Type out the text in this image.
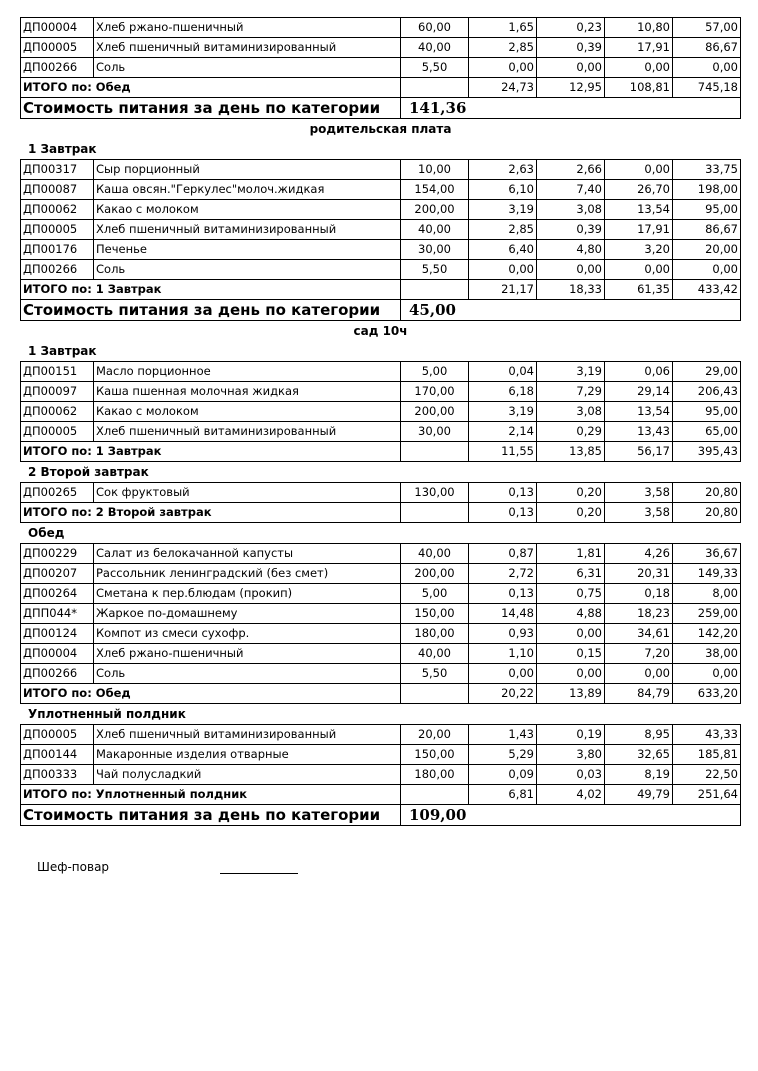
ДП00004	Хлеб ржано-пшеничный	60,00	1,65	0,23	10,80	57,00
ДП00005	Хлеб пшеничный витаминизированный	40,00	2,85	0,39	17,91	86,67
ДП00266	Соль	5,50	0,00	0,00	0,00	0,00
ИТОГО по: Обед			24,73	12,95	108,81	745,18
Стоимость питания за день по категории		141,36				
родительская плата
1 Завтрак
ДП00317	Сыр порционный	10,00	2,63	2,66	0,00	33,75
ДП00087	Каша овсян."Геркулес"молоч.жидкая	154,00	6,10	7,40	26,70	198,00
ДП00062	Какао с молоком	200,00	3,19	3,08	13,54	95,00
ДП00005	Хлеб пшеничный витаминизированный	40,00	2,85	0,39	17,91	86,67
ДП00176	Печенье	30,00	6,40	4,80	3,20	20,00
ДП00266	Соль	5,50	0,00	0,00	0,00	0,00
ИТОГО по: 1 Завтрак			21,17	18,33	61,35	433,42
Стоимость питания за день по категории		45,00				
сад 10ч
1 Завтрак
ДП00151	Масло порционное	5,00	0,04	3,19	0,06	29,00
ДП00097	Каша пшенная молочная жидкая	170,00	6,18	7,29	29,14	206,43
ДП00062	Какао с молоком	200,00	3,19	3,08	13,54	95,00
ДП00005	Хлеб пшеничный витаминизированный	30,00	2,14	0,29	13,43	65,00
ИТОГО по: 1 Завтрак			11,55	13,85	56,17	395,43
2 Второй завтрак
ДП00265	Сок фруктовый	130,00	0,13	0,20	3,58	20,80
ИТОГО по: 2 Второй завтрак			0,13	0,20	3,58	20,80
Обед
ДП00229	Салат из белокачанной капусты	40,00	0,87	1,81	4,26	36,67
ДП00207	Рассольник ленинградский (без смет)	200,00	2,72	6,31	20,31	149,33
ДП00264	Сметана к пер.блюдам (прокип)	5,00	0,13	0,75	0,18	8,00
ДПП044*	Жаркое по-домашнему	150,00	14,48	4,88	18,23	259,00
ДП00124	Компот из смеси сухофр.	180,00	0,93	0,00	34,61	142,20
ДП00004	Хлеб ржано-пшеничный	40,00	1,10	0,15	7,20	38,00
ДП00266	Соль	5,50	0,00	0,00	0,00	0,00
ИТОГО по: Обед			20,22	13,89	84,79	633,20
Уплотненный полдник
ДП00005	Хлеб пшеничный витаминизированный	20,00	1,43	0,19	8,95	43,33
ДП00144	Макаронные изделия отварные	150,00	5,29	3,80	32,65	185,81
ДП00333	Чай полусладкий	180,00	0,09	0,03	8,19	22,50
ИТОГО по: Уплотненный полдник			6,81	4,02	49,79	251,64
Стоимость питания за день по категории		109,00				
Шеф-повар
